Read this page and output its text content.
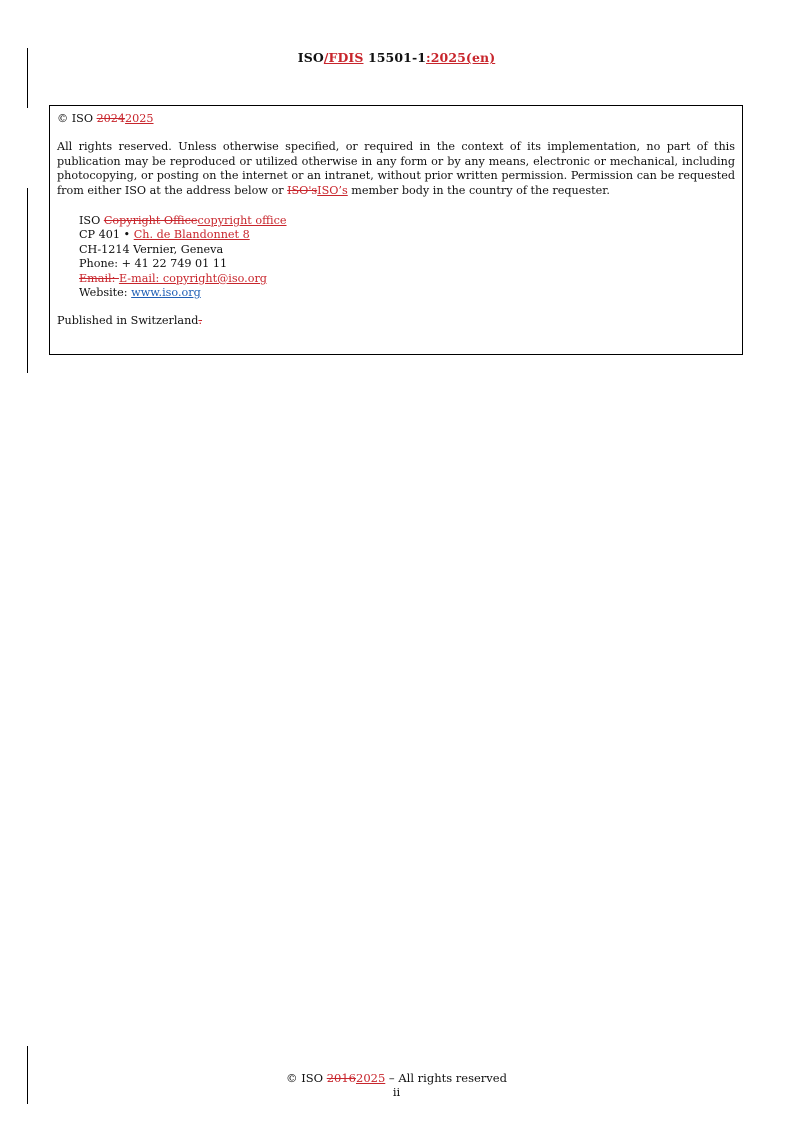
ISO/FDIS 15501-1:2025(en)

© ISO 20242025

All rights reserved. Unless otherwise specified, or required in the context of its implementation, no part of this publication may be reproduced or utilized otherwise in any form or by any means, electronic or mechanical, including photocopying, or posting on the internet or an intranet, without prior written permission. Permission can be requested from either ISO at the address below or ISO'sISO’s member body in the country of the requester.

ISO Copyright Officecopyright office

CP 401 • Ch. de Blandonnet 8

CH-1214 Vernier, Geneva

Phone: + 41 22 749 01 11

Email: E-mail: copyright@iso.org

Website: www.iso.org

Published in Switzerland.

© ISO 20162025 – All rights reserved
ii
